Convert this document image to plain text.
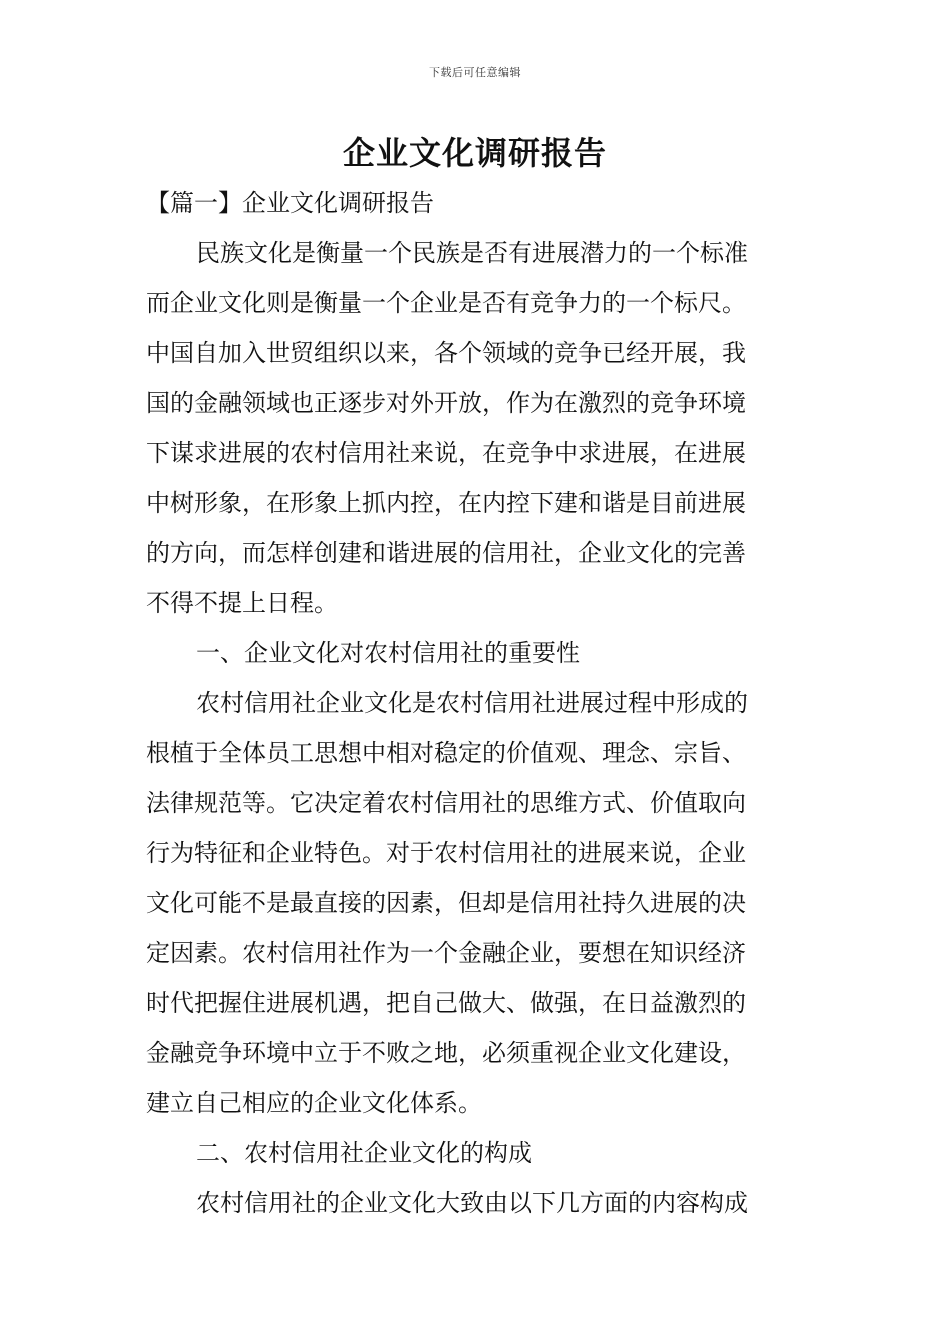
下载后可任意编辑
企业文化调研报告
【篇一】企业文化调研报告
民族文化是衡量一个民族是否有进展潜力的一个标准
而企业文化则是衡量一个企业是否有竞争力的一个标尺。
中国自加入世贸组织以来，各个领域的竞争已经开展，我
国的金融领域也正逐步对外开放，作为在激烈的竞争环境
下谋求进展的农村信用社来说，在竞争中求进展，在进展
中树形象，在形象上抓内控，在内控下建和谐是目前进展
的方向，而怎样创建和谐进展的信用社，企业文化的完善
不得不提上日程。
一、企业文化对农村信用社的重要性
农村信用社企业文化是农村信用社进展过程中形成的
根植于全体员工思想中相对稳定的价值观、理念、宗旨、
法律规范等。它决定着农村信用社的思维方式、价值取向
行为特征和企业特色。对于农村信用社的进展来说，企业
文化可能不是最直接的因素，但却是信用社持久进展的决
定因素。农村信用社作为一个金融企业，要想在知识经济
时代把握住进展机遇，把自己做大、做强，在日益激烈的
金融竞争环境中立于不败之地，必须重视企业文化建设，
建立自己相应的企业文化体系。
二、农村信用社企业文化的构成
农村信用社的企业文化大致由以下几方面的内容构成
